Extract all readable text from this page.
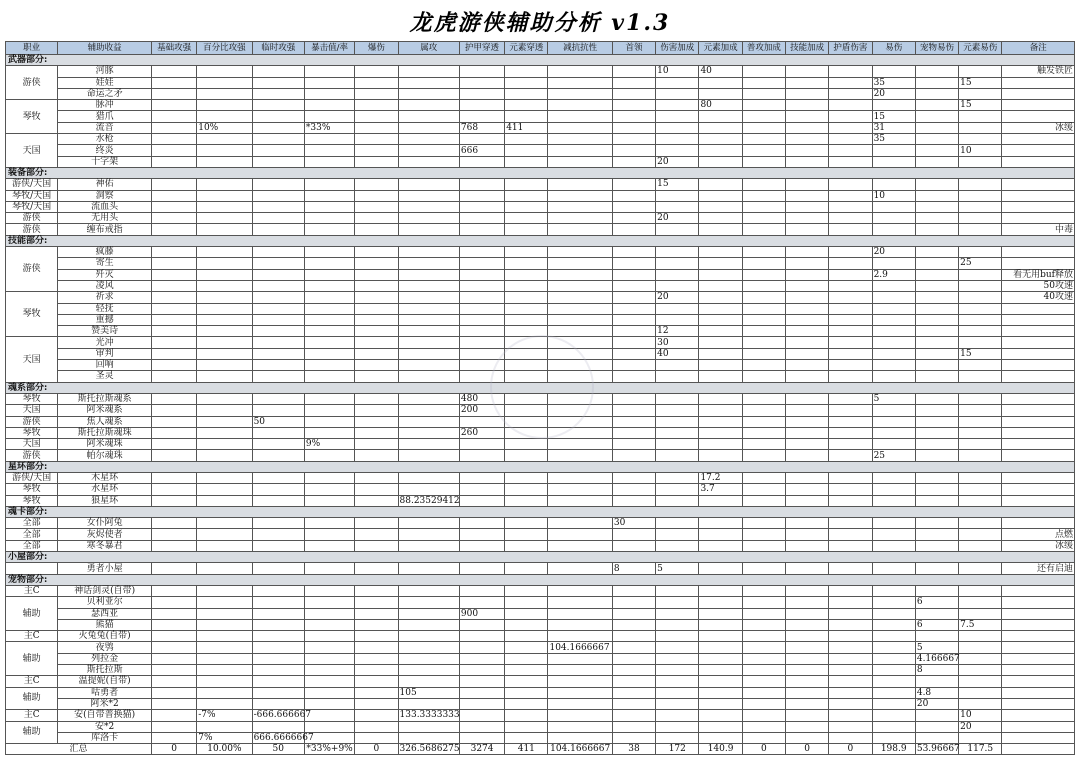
龙虎游侠辅助分析 v1.3
职业	辅助收益	基础攻强	百分比攻强	临时攻强	暴击值/率	爆伤	属攻	护甲穿透	元素穿透	减抗抗性	首领	伤害加成	元素加成	普攻加成	技能加成	护盾伤害	易伤	宠物易伤	元素易伤	备注
武器部分:																				
游侠	河豚											10	40							触发铁匠
	娃娃																35		15	
	命运之矛																20			
琴牧	脉冲												80						15	
	猎爪																15			
	流音		10%		*33%			768	411								31			冰缓
天国	水枪																35			
	终炎							666											10	
	十字架											20								
装备部分:																				
游侠/天国	神佑											15								
琴牧/天国	洞察																10			
琴牧/天国	流血头																			
游侠	无用头											20								
游侠	缠布戒指																			中毒
技能部分:																				
游侠	疯藤																20			
	寄生																		25	
	歼灭																2.9			看无用buf释放
	凌风																			50攻速
琴牧	祈求											20								40攻速
	轻抚																			
	重撼																			
	赞美诗											12								
天国	光冲											30								
	审判											40							15	
	回响																			
	圣灵																			
魂系部分:																				
琴牧	斯托拉斯魂系							480									5			
天国	阿米魂系							200												
游侠	焦人魂系			50																
琴牧	斯托拉斯魂珠							260												
天国	阿米魂珠				9%															
游侠	帕尔魂珠																25			
星环部分:																				
游侠/天国	木星环												17.2							
琴牧	水星环												3.7							
琴牧	狼星环						88.23529412													
魂卡部分:																				
全部	女仆阿兔										30									
全部	灰烬使者																			点燃
全部	寒冬暴君																			冰缓
小屋部分:																				
	勇者小屋										8	5								还有启迪
宠物部分:																				
主C	神话剑灵(自带)																			
辅助	贝利亚尔																	6		
	瑟西亚							900												
	熊猫																	6	7.5	
主C	火兔兔(自带)																			
辅助	夜鸮									104.1666667								5		
	列拉金																	4.166667		
	斯托拉斯																	8		
主C	温提妮(自带)																			
辅助	咕勇者						105											4.8		
	阿米*2																	20		
主C	安(自带普换猫)		-7%	-666.666667			133.3333333												10	
辅助	安*2																		20	
	库洛卡		7%	666.6666667																
汇总		0	10.00%	50	*33%+9%	0	326.5686275	3274	411	104.1666667	38	172	140.9	0	0	0	198.9	53.96667	117.5	
